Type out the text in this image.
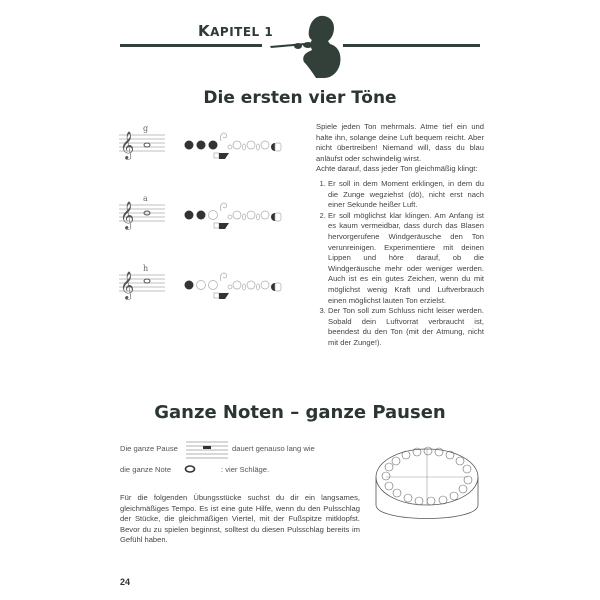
KAPITEL 1
Die ersten vier Töne
g
a
h

Spiele jeden Ton mehrmals. Atme tief ein und halte ihn, solange deine Luft bequem reicht. Aber nicht übertreiben! Niemand will, dass du blau anläufst oder schwindelig wirst.

Achte darauf, dass jeder Ton gleichmäßig klingt:

1. Er soll in dem Moment erklingen, in dem du die Zunge wegziehst (dö), nicht erst nach einer Sekunde heißer Luft.
2. Er soll möglichst klar klingen. Am Anfang ist es kaum vermeidbar, dass durch das Blasen hervorgerufene Windgeräusche den Ton verunreinigen. Experimentiere mit deinen Lippen und höre darauf, ob die Windgeräusche mehr oder weniger werden. Auch ist es ein gutes Zeichen, wenn du mit möglichst wenig Kraft und Luftverbrauch einen möglichst lauten Ton erzielst.
3. Der Ton soll zum Schluss nicht leiser werden. Sobald dein Luftvorrat verbraucht ist, beendest du den Ton (mit der Atmung, nicht mit der Zunge!).
Ganze Noten – ganze Pausen
Die ganze Pause	dauert genauso lang wie
die ganze Note	: vier Schläge.
Für die folgenden Übungsstücke suchst du dir ein langsames, gleichmäßiges Tempo. Es ist eine gute Hilfe, wenn du den Pulsschlag der Stücke, die gleichmäßigen Viertel, mit der Fußspitze mitklopfst. Bevor du zu spielen beginnst, solltest du diesen Pulsschlag bereits im Gefühl haben.
24
